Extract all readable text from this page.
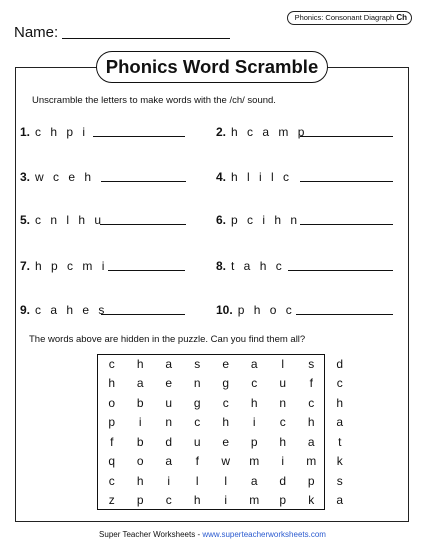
Phonics: Consonant Diagraph Ch
Name:
Phonics Word Scramble
Unscramble the letters to make words with the /ch/ sound.
1. c h p i	2. h c a m p
3. w c e h	4. h l i l c
5. c n l h u	6. p c i h n
7. h p c m i	8. t a h c
9. c a h e s	10. p h o c
The words above are hidden in the puzzle. Can you find them all?
c	h	a	s	e	a	l	s	d
h	a	e	n	g	c	u	f	c
o	b	u	g	c	h	n	c	h
p	i	n	c	h	i	c	h	a
f	b	d	u	e	p	h	a	t
q	o	a	f	w	m	i	m	k
c	h	i	l	l	a	d	p	s
z	p	c	h	i	m	p	k	a
Super Teacher Worksheets - www.superteacherworksheets.com
